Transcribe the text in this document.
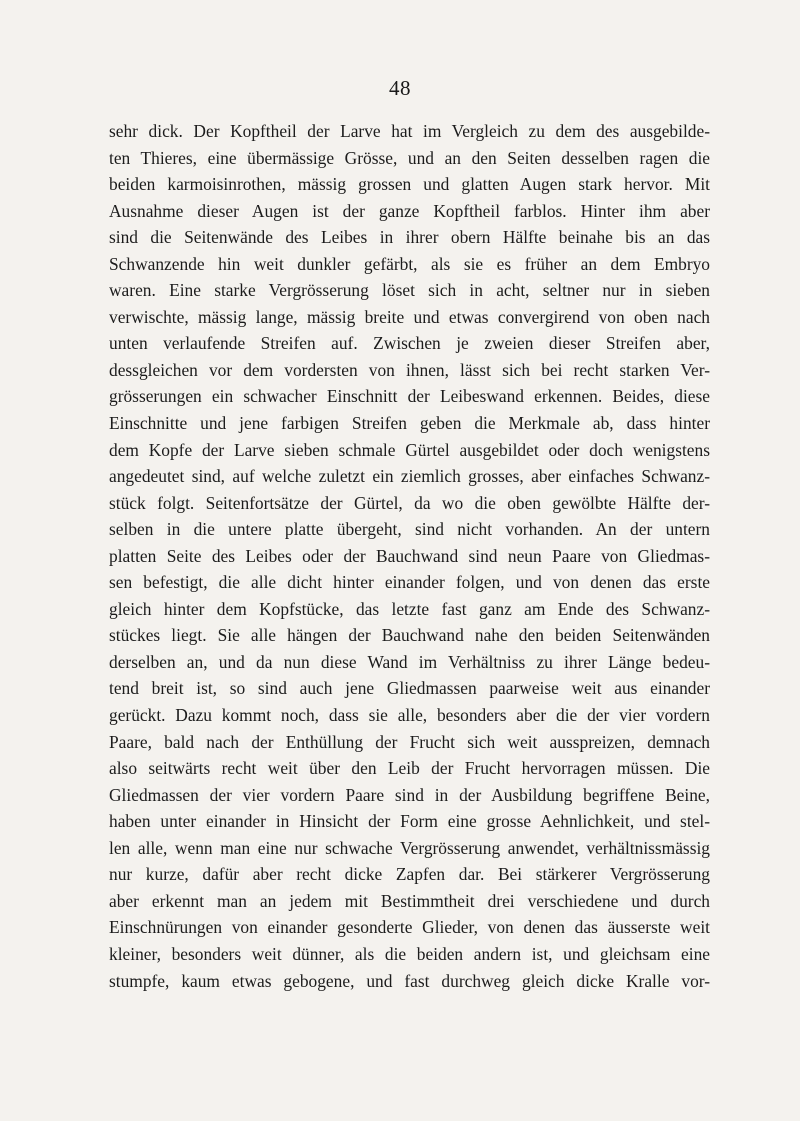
48
sehr dick. Der Kopftheil der Larve hat im Vergleich zu dem des ausgebilde-
ten Thieres, eine übermässige Grösse, und an den Seiten desselben ragen die
beiden karmoisinrothen, mässig grossen und glatten Augen stark hervor. Mit
Ausnahme dieser Augen ist der ganze Kopftheil farblos. Hinter ihm aber
sind die Seitenwände des Leibes in ihrer obern Hälfte beinahe bis an das
Schwanzende hin weit dunkler gefärbt, als sie es früher an dem Embryo
waren. Eine starke Vergrösserung löset sich in acht, seltner nur in sieben
verwischte, mässig lange, mässig breite und etwas convergirend von oben nach
unten verlaufende Streifen auf. Zwischen je zweien dieser Streifen aber,
dessgleichen vor dem vordersten von ihnen, lässt sich bei recht starken Ver-
grösserungen ein schwacher Einschnitt der Leibeswand erkennen. Beides, diese
Einschnitte und jene farbigen Streifen geben die Merkmale ab, dass hinter
dem Kopfe der Larve sieben schmale Gürtel ausgebildet oder doch wenigstens
angedeutet sind, auf welche zuletzt ein ziemlich grosses, aber einfaches Schwanz-
stück folgt. Seitenfortsätze der Gürtel, da wo die oben gewölbte Hälfte der-
selben in die untere platte übergeht, sind nicht vorhanden. An der untern
platten Seite des Leibes oder der Bauchwand sind neun Paare von Gliedmas-
sen befestigt, die alle dicht hinter einander folgen, und von denen das erste
gleich hinter dem Kopfstücke, das letzte fast ganz am Ende des Schwanz-
stückes liegt. Sie alle hängen der Bauchwand nahe den beiden Seitenwänden
derselben an, und da nun diese Wand im Verhältniss zu ihrer Länge bedeu-
tend breit ist, so sind auch jene Gliedmassen paarweise weit aus einander
gerückt. Dazu kommt noch, dass sie alle, besonders aber die der vier vordern
Paare, bald nach der Enthüllung der Frucht sich weit ausspreizen, demnach
also seitwärts recht weit über den Leib der Frucht hervorragen müssen. Die
Gliedmassen der vier vordern Paare sind in der Ausbildung begriffene Beine,
haben unter einander in Hinsicht der Form eine grosse Aehnlichkeit, und stel-
len alle, wenn man eine nur schwache Vergrösserung anwendet, verhältnissmässig
nur kurze, dafür aber recht dicke Zapfen dar. Bei stärkerer Vergrösserung
aber erkennt man an jedem mit Bestimmtheit drei verschiedene und durch
Einschnürungen von einander gesonderte Glieder, von denen das äusserste weit
kleiner, besonders weit dünner, als die beiden andern ist, und gleichsam eine
stumpfe, kaum etwas gebogene, und fast durchweg gleich dicke Kralle vor-
